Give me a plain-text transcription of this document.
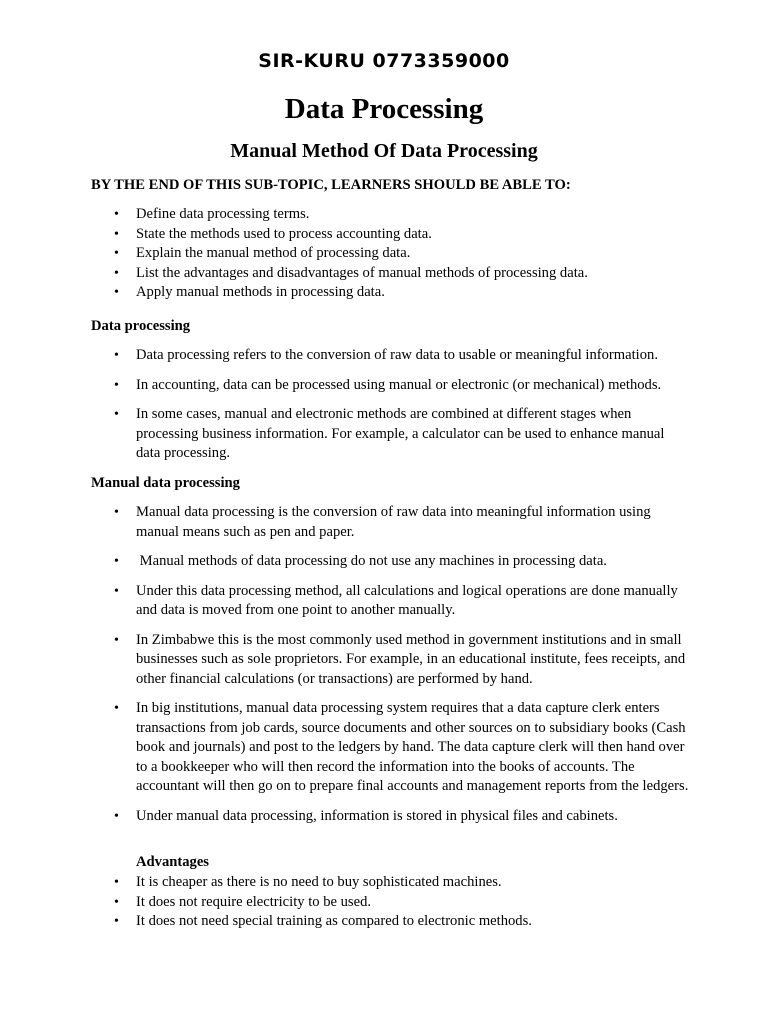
SIR-KURU 0773359000
Data Processing
Manual Method Of Data Processing
BY THE END OF THIS SUB-TOPIC, LEARNERS SHOULD BE ABLE TO:
• Define data processing terms.
• State the methods used to process accounting data.
• Explain the manual method of processing data.
• List the advantages and disadvantages of manual methods of processing data.
• Apply manual methods in processing data.
Data processing
• Data processing refers to the conversion of raw data to usable or meaningful information.
• In accounting, data can be processed using manual or electronic (or mechanical) methods.
• In some cases, manual and electronic methods are combined at different stages when processing business information. For example, a calculator can be used to enhance manual data processing.
Manual data processing
• Manual data processing is the conversion of raw data into meaningful information using manual means such as pen and paper.
• Manual methods of data processing do not use any machines in processing data.
• Under this data processing method, all calculations and logical operations are done manually and data is moved from one point to another manually.
• In Zimbabwe this is the most commonly used method in government institutions and in small businesses such as sole proprietors. For example, in an educational institute, fees receipts, and other financial calculations (or transactions) are performed by hand.
• In big institutions, manual data processing system requires that a data capture clerk enters transactions from job cards, source documents and other sources on to subsidiary books (Cash book and journals) and post to the ledgers by hand. The data capture clerk will then hand over to a bookkeeper who will then record the information into the books of accounts. The accountant will then go on to prepare final accounts and management reports from the ledgers.
• Under manual data processing, information is stored in physical files and cabinets.
Advantages
• It is cheaper as there is no need to buy sophisticated machines.
• It does not require electricity to be used.
• It does not need special training as compared to electronic methods.
